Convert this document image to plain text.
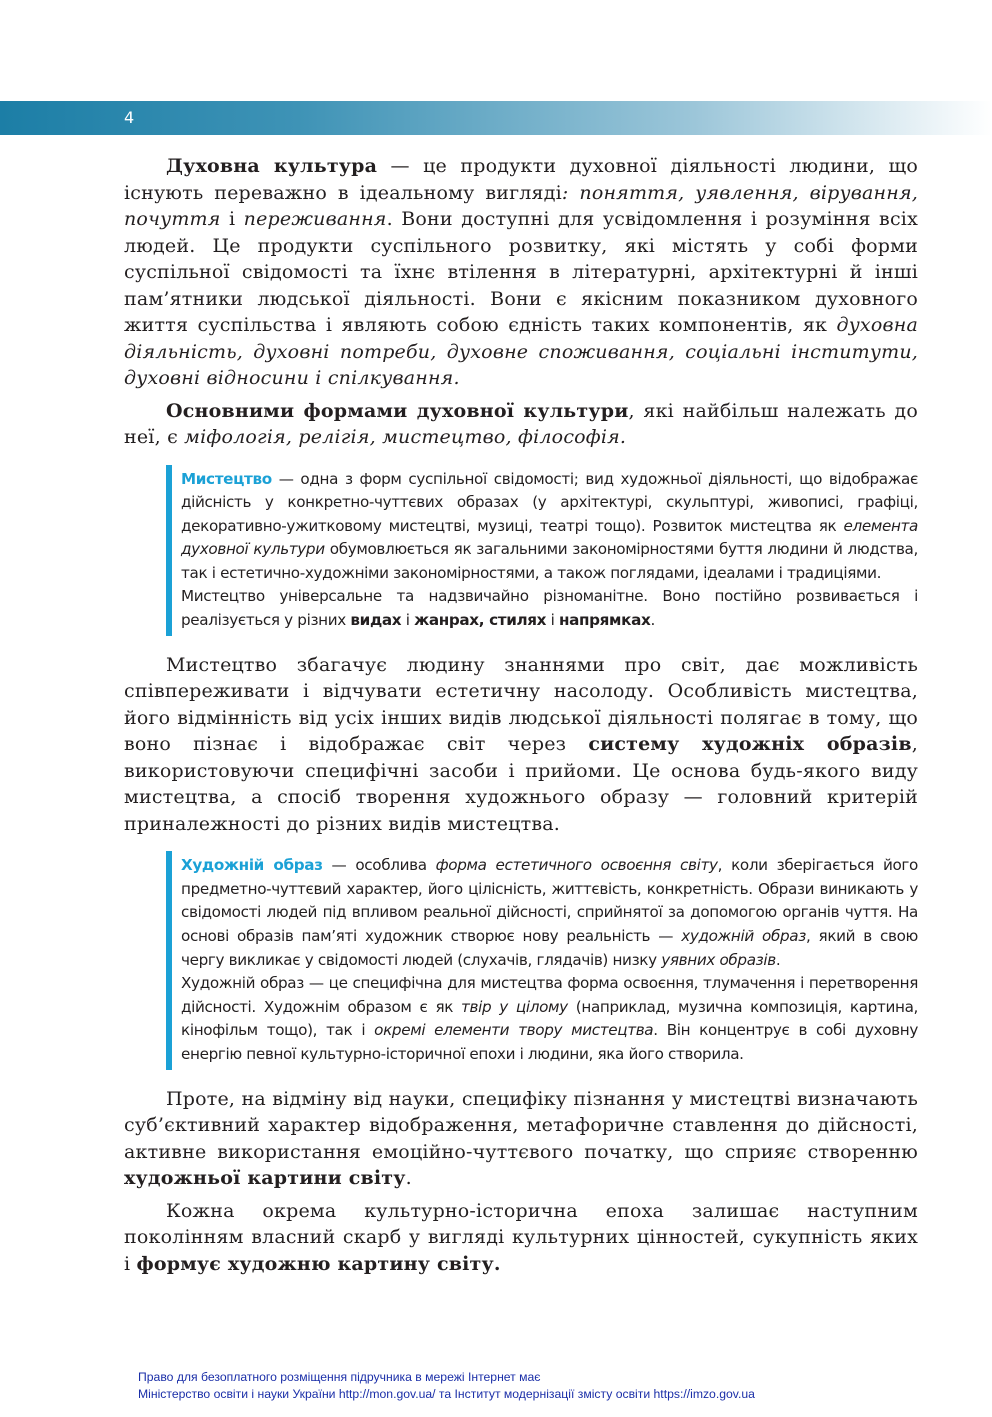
4

Духовна культура — це продукти духовної діяльності людини, що існують переважно в ідеальному вигляді: поняття, уявлення, вірування, почуття і переживання. Вони доступні для усвідомлення і розуміння всіх людей. Це продукти суспільного розвитку, які містять у собі форми суспільної свідомості та їхнє втілення в літературні, архітектурні й інші пам’ятники людської діяльності. Вони є якісним показником духовного життя суспільства і являють собою єдність таких компонентів, як духовна діяльність, духовні потреби, духовне споживання, соціальні інститути, духовні відносини і спілкування.

Основними формами духовної культури, які найбільш належать до неї, є міфологія, релігія, мистецтво, філософія.

Мистецтво — одна з форм суспільної свідомості; вид художньої діяльності, що відображає дійсність у конкретно-чуттєвих образах (у архітектурі, скульптурі, живописі, графіці, декоративно-ужитковому мистецтві, музиці, театрі тощо). Розвиток мистецтва як елемента духовної культури обумовлюється як загальними закономірностями буття людини й людства, так і естетично-художніми закономірностями, а також поглядами, ідеалами і традиціями.

Мистецтво універсальне та надзвичайно різноманітне. Воно постійно розвивається і реалізується у різних видах і жанрах, стилях і напрямках.

Мистецтво збагачує людину знаннями про світ, дає можливість співпереживати і відчувати естетичну насолоду. Особливість мистецтва, його відмінність від усіх інших видів людської діяльності полягає в тому, що воно пізнає і відображає світ через систему художніх образів, використовуючи специфічні засоби і прийоми. Це основа будь-якого виду мистецтва, а спосіб творення художнього образу — головний критерій приналежності до різних видів мистецтва.

Художній образ — особлива форма естетичного освоєння світу, коли зберігається його предметно-чуттєвий характер, його цілісність, життєвість, конкретність. Образи виникають у свідомості людей під впливом реальної дійсності, сприйнятої за допомогою органів чуття. На основі образів пам’яті художник створює нову реальність — художній образ, який в свою чергу викликає у свідомості людей (слухачів, глядачів) низку уявних образів.

Художній образ — це специфічна для мистецтва форма освоєння, тлумачення і перетворення дійсності. Художнім образом є як твір у цілому (наприклад, музична композиція, картина, кінофільм тощо), так і окремі елементи твору мистецтва. Він концентрує в собі духовну енергію певної культурно-історичної епохи і людини, яка його створила.

Проте, на відміну від науки, специфіку пізнання у мистецтві визначають суб’єктивний характер відображення, метафоричне ставлення до дійсності, активне використання емоційно-чуттєвого початку, що сприяє створенню художньої картини світу.

Кожна окрема культурно-історична епоха залишає наступним поколінням власний скарб у вигляді культурних цінностей, сукупність яких і формує художню картину світу.

Право для безоплатного розміщення підручника в мережі Інтернет має
Міністерство освіти і науки України http://mon.gov.ua/ та Інститут модернізації змісту освіти https://imzo.gov.ua
